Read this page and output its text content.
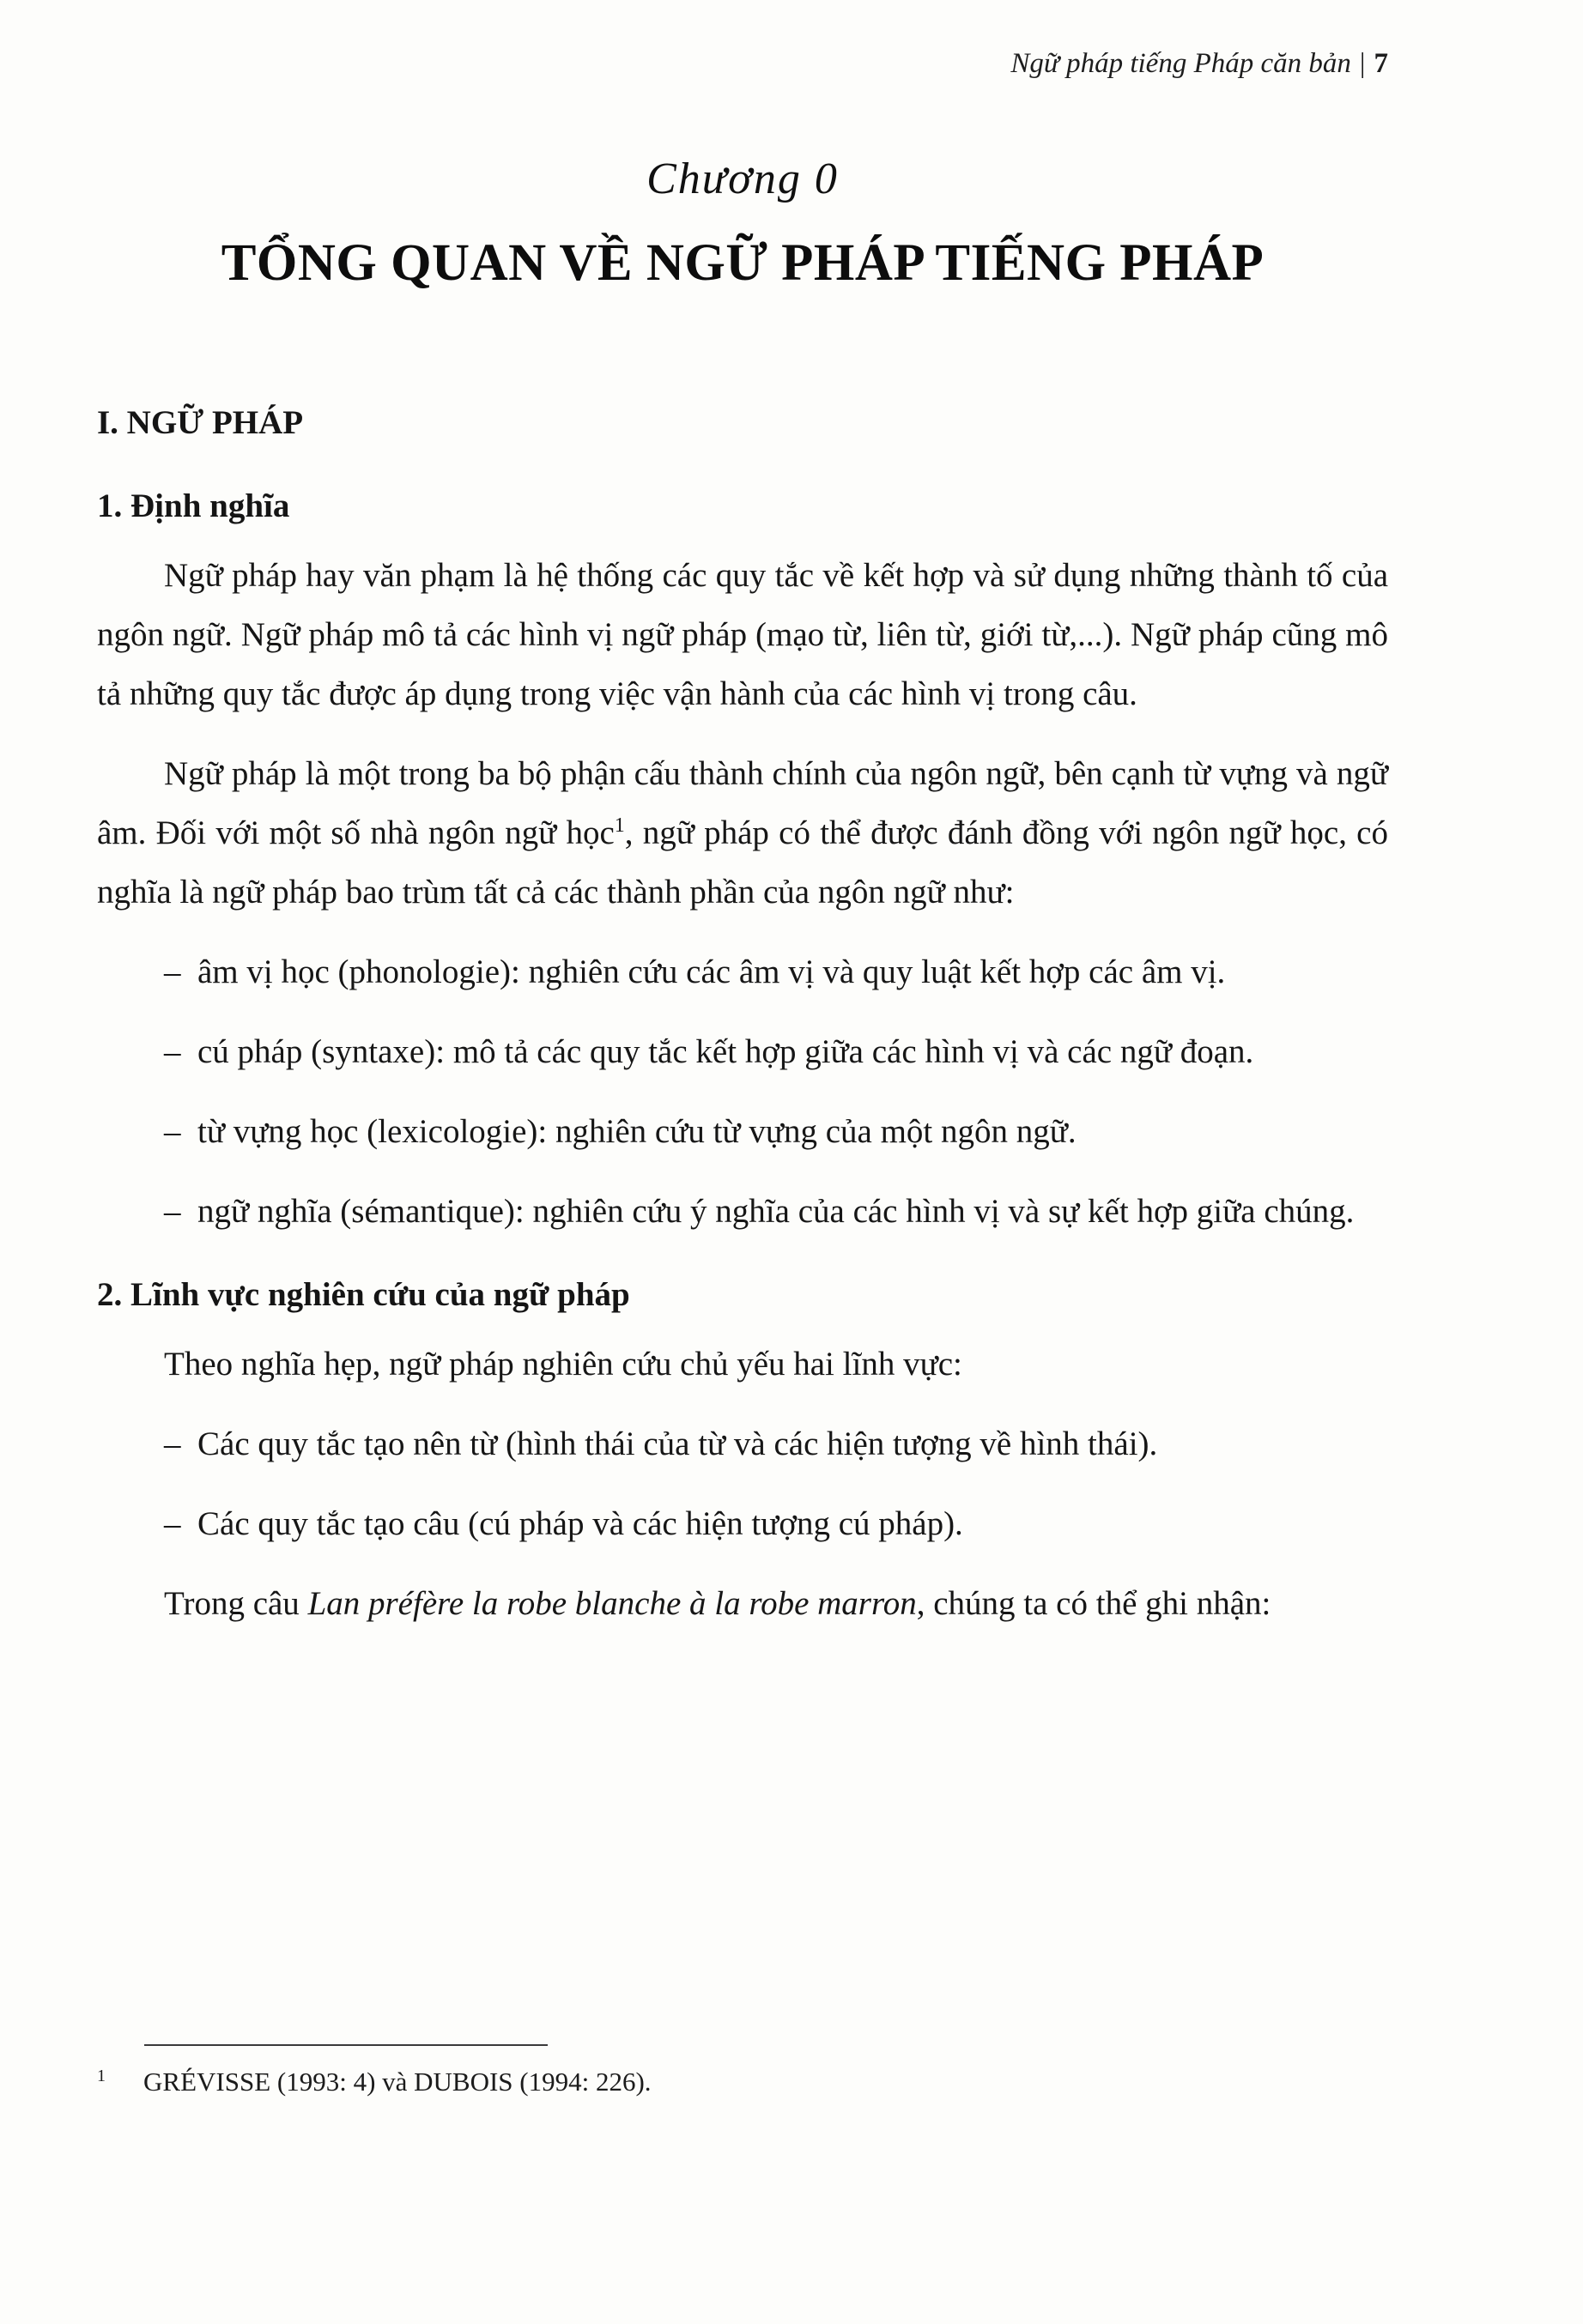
Ngữ pháp tiếng Pháp căn bản | 7
Chương 0
TỔNG QUAN VỀ NGỮ PHÁP TIẾNG PHÁP
I. NGỮ PHÁP
1. Định nghĩa

Ngữ pháp hay văn phạm là hệ thống các quy tắc về kết hợp và sử dụng những thành tố của ngôn ngữ. Ngữ pháp mô tả các hình vị ngữ pháp (mạo từ, liên từ, giới từ,...). Ngữ pháp cũng mô tả những quy tắc được áp dụng trong việc vận hành của các hình vị trong câu.

Ngữ pháp là một trong ba bộ phận cấu thành chính của ngôn ngữ, bên cạnh từ vựng và ngữ âm. Đối với một số nhà ngôn ngữ học$^1$, ngữ pháp có thể được đánh đồng với ngôn ngữ học, có nghĩa là ngữ pháp bao trùm tất cả các thành phần của ngôn ngữ như:

– âm vị học (phonologie): nghiên cứu các âm vị và quy luật kết hợp các âm vị.

– cú pháp (syntaxe): mô tả các quy tắc kết hợp giữa các hình vị và các ngữ đoạn.

– từ vựng học (lexicologie): nghiên cứu từ vựng của một ngôn ngữ.

– ngữ nghĩa (sémantique): nghiên cứu ý nghĩa của các hình vị và sự kết hợp giữa chúng.

2. Lĩnh vực nghiên cứu của ngữ pháp

Theo nghĩa hẹp, ngữ pháp nghiên cứu chủ yếu hai lĩnh vực:

– Các quy tắc tạo nên từ (hình thái của từ và các hiện tượng về hình thái).

– Các quy tắc tạo câu (cú pháp và các hiện tượng cú pháp).

Trong câu Lan préfère la robe blanche à la robe marron, chúng ta có thể ghi nhận:

$^1$ GRÉVISSE (1993: 4) và DUBOIS (1994: 226).
